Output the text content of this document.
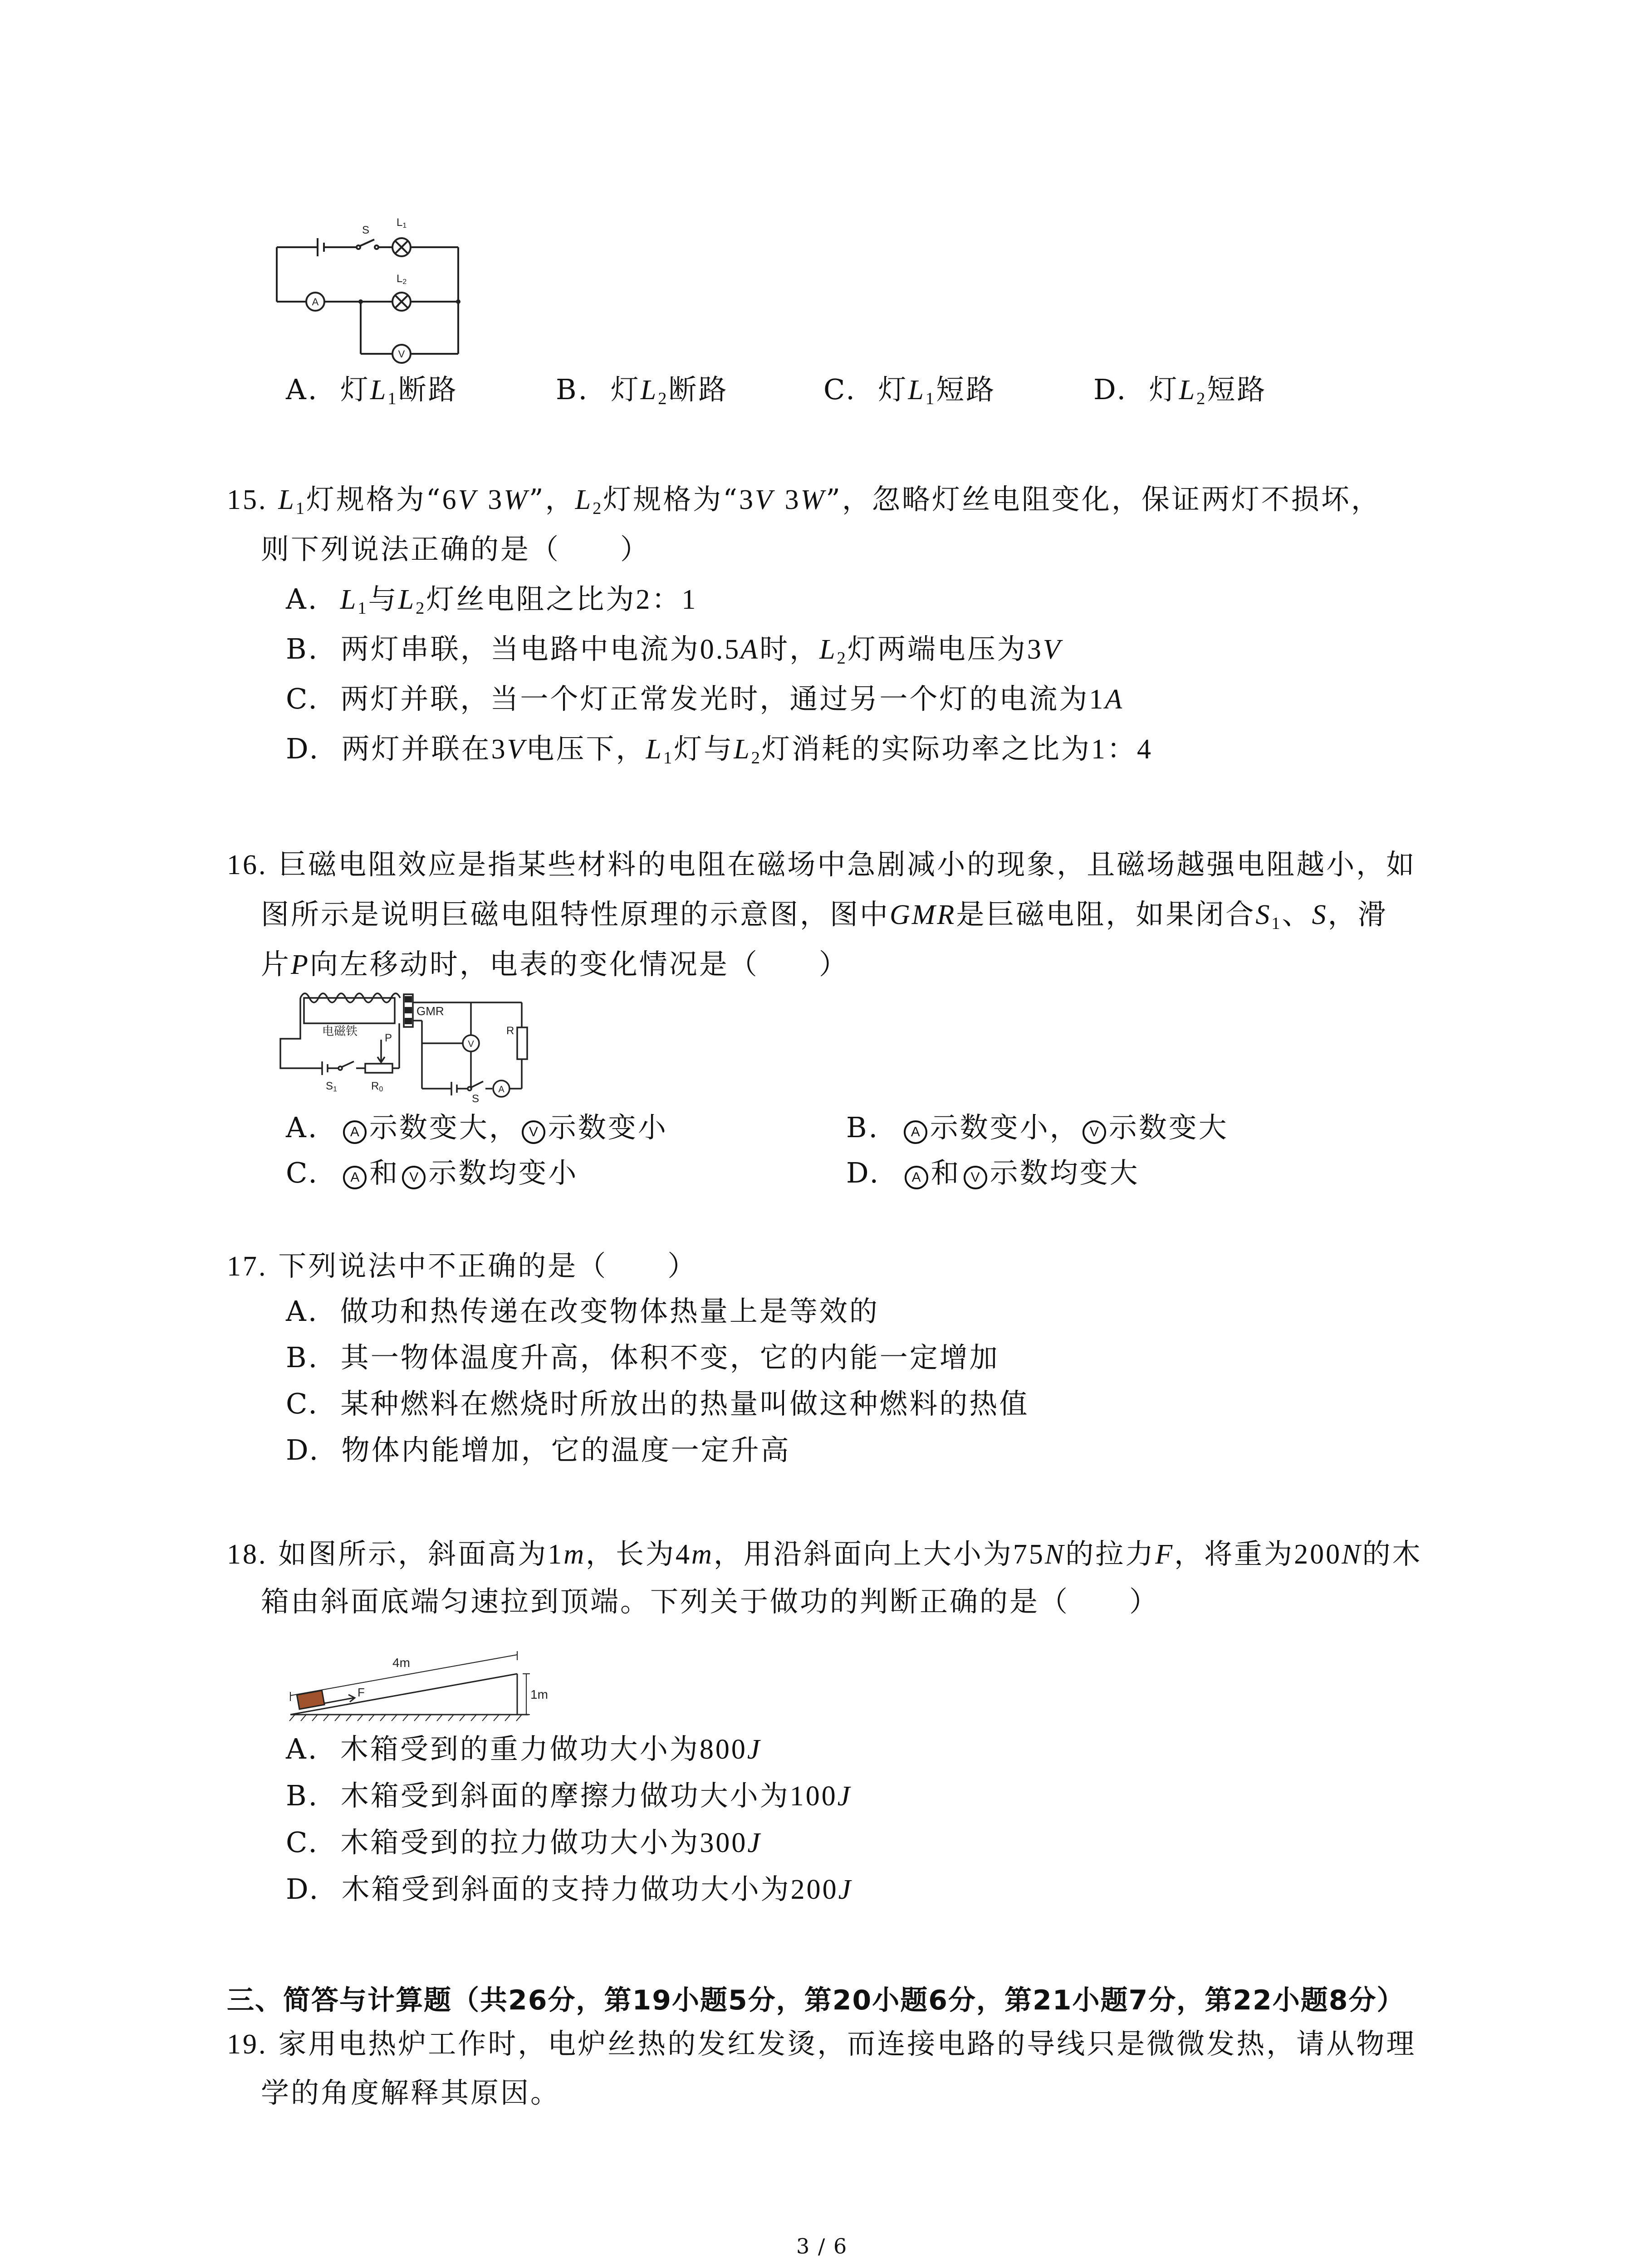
S
L1
L2
A
V
A. 灯$L_1$断路	B. 灯$L_2$断路	C. 灯$L_1$短路	D. 灯$L_2$短路
15. $L_1$灯规格为“6V 3W”，$L_2$灯规格为“3V 3W”，忽略灯丝电阻变化，保证两灯不损坏，
则下列说法正确的是（　　）
A. $L_1$与$L_2$灯丝电阻之比为2：1
B. 两灯串联，当电路中电流为0.5A时，$L_2$灯两端电压为3V
C. 两灯并联，当一个灯正常发光时，通过另一个灯的电流为1A
D. 两灯并联在3V电压下，$L_1$灯与$L_2$灯消耗的实际功率之比为1：4
16. 巨磁电阻效应是指某些材料的电阻在磁场中急剧减小的现象，且磁场越强电阻越小，如
图所示是说明巨磁电阻特性原理的示意图，图中GMR是巨磁电阻，如果闭合$S_1$、S，滑
片P向左移动时，电表的变化情况是（　　）
电磁铁
GMR
P
S1	R0
S
R
A
V
A. A 示数变大， V 示数变小	B. A 示数变小， V 示数变大
C. A 和 V 示数均变小	D. A 和 V 示数均变大
17. 下列说法中不正确的是（　　）
A. 做功和热传递在改变物体热量上是等效的
B. 其一物体温度升高，体积不变，它的内能一定增加
C. 某种燃料在燃烧时所放出的热量叫做这种燃料的热值
D. 物体内能增加，它的温度一定升高
18. 如图所示，斜面高为1m，长为4m，用沿斜面向上大小为75N的拉力F，将重为200N的木
箱由斜面底端匀速拉到顶端。下列关于做功的判断正确的是（　　）
4m
1m
F
A. 木箱受到的重力做功大小为800J
B. 木箱受到斜面的摩擦力做功大小为100J
C. 木箱受到的拉力做功大小为300J
D. 木箱受到斜面的支持力做功大小为200J
三、简答与计算题（共26分，第19小题5分，第20小题6分，第21小题7分，第22小题8分）
19. 家用电热炉工作时，电炉丝热的发红发烫，而连接电路的导线只是微微发热，请从物理
学的角度解释其原因。
3 / 6
